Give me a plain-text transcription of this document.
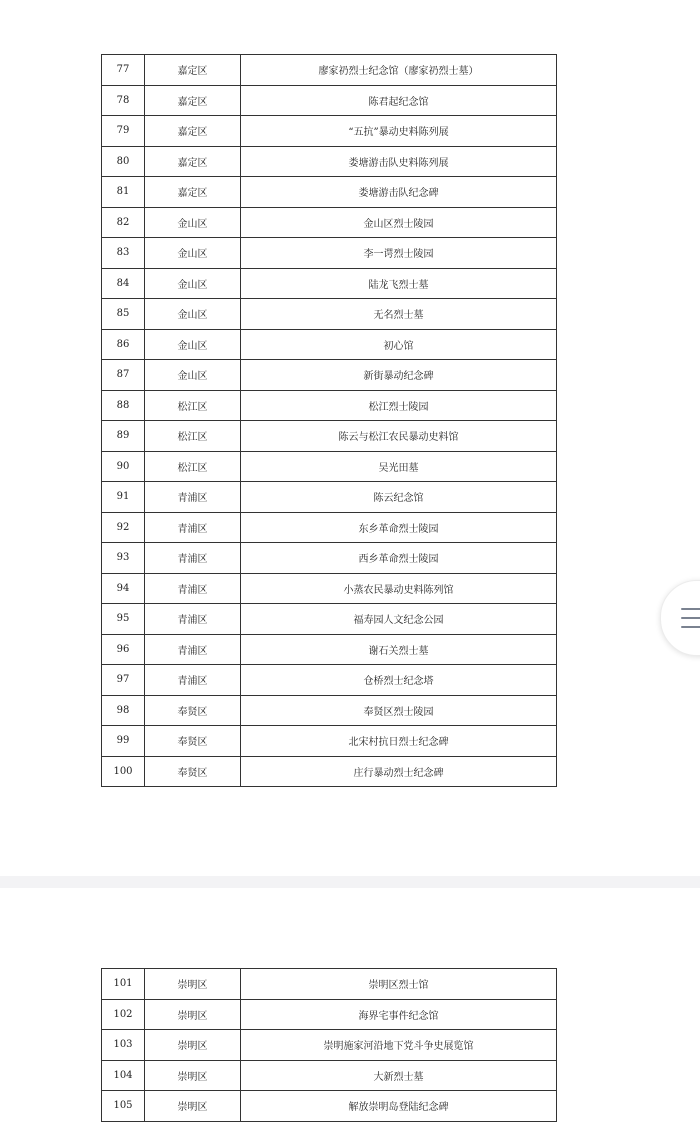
77	嘉定区	廖家礽烈士纪念馆（廖家礽烈士墓）
78	嘉定区	陈君起纪念馆
79	嘉定区	“五抗”暴动史料陈列展
80	嘉定区	娄塘游击队史料陈列展
81	嘉定区	娄塘游击队纪念碑
82	金山区	金山区烈士陵园
83	金山区	李一谔烈士陵园
84	金山区	陆龙飞烈士墓
85	金山区	无名烈士墓
86	金山区	初心馆
87	金山区	新街暴动纪念碑
88	松江区	松江烈士陵园
89	松江区	陈云与松江农民暴动史料馆
90	松江区	吴光田墓
91	青浦区	陈云纪念馆
92	青浦区	东乡革命烈士陵园
93	青浦区	西乡革命烈士陵园
94	青浦区	小蒸农民暴动史料陈列馆
95	青浦区	福寿园人文纪念公园
96	青浦区	谢石关烈士墓
97	青浦区	仓桥烈士纪念塔
98	奉贤区	奉贤区烈士陵园
99	奉贤区	北宋村抗日烈士纪念碑
100	奉贤区	庄行暴动烈士纪念碑
101	崇明区	崇明区烈士馆
102	崇明区	海界宅事件纪念馆
103	崇明区	崇明施家河沿地下党斗争史展览馆
104	崇明区	大新烈士墓
105	崇明区	解放崇明岛登陆纪念碑
